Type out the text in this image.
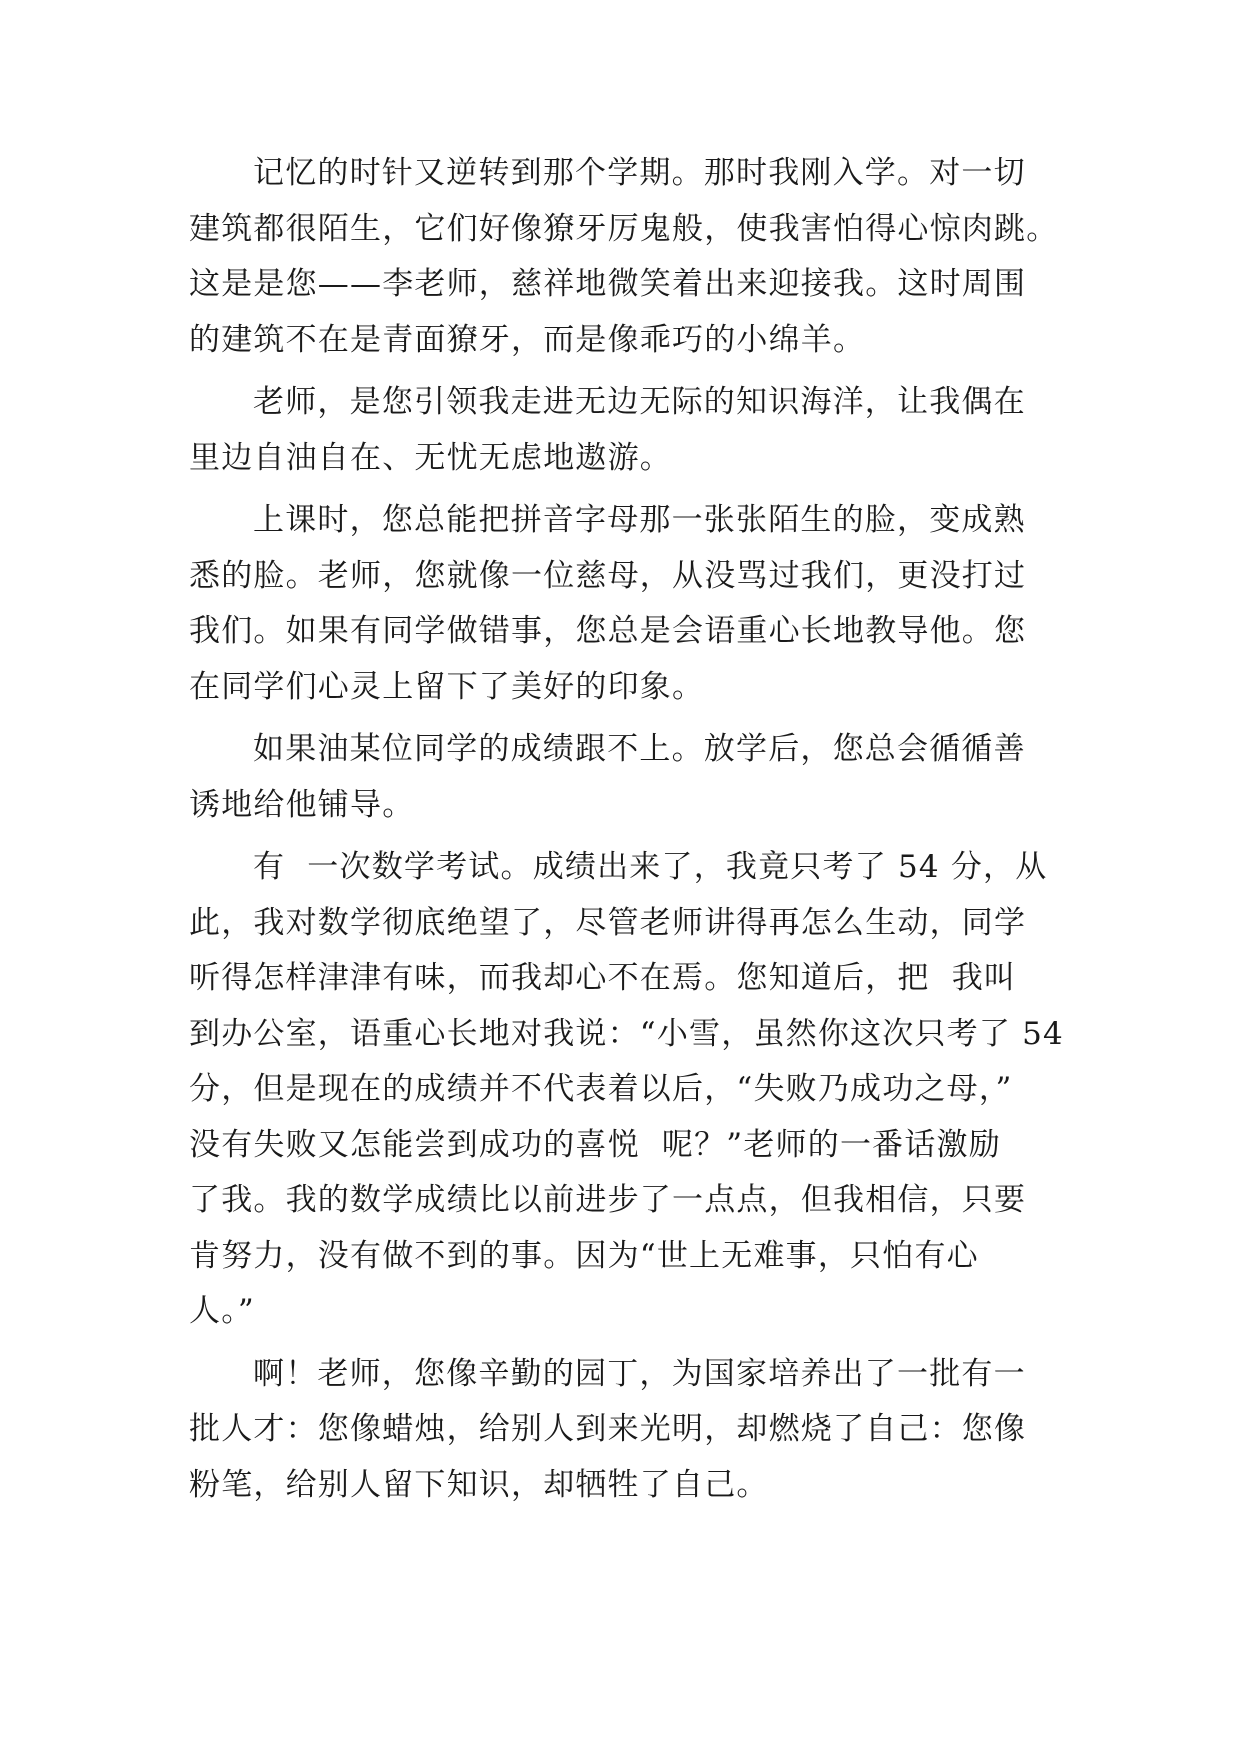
记忆的时针又逆转到那个学期。那时我刚入学。对一切
建筑都很陌生，它们好像獠牙厉鬼般，使我害怕得心惊肉跳。
这是是您——李老师，慈祥地微笑着出来迎接我。这时周围
的建筑不在是青面獠牙，而是像乖巧的小绵羊。
老师，是您引领我走进无边无际的知识海洋，让我偶在
里边自油自在、无忧无虑地遨游。
上课时，您总能把拼音字母那一张张陌生的脸，变成熟
悉的脸。老师，您就像一位慈母，从没骂过我们，更没打过
我们。如果有同学做错事，您总是会语重心长地教导他。您
在同学们心灵上留下了美好的印象。
如果油某位同学的成绩跟不上。放学后，您总会循循善
诱地给他铺导。
有  一次数学考试。成绩出来了，我竟只考了 54 分，从
此，我对数学彻底绝望了，尽管老师讲得再怎么生动，同学
听得怎样津津有味，而我却心不在焉。您知道后，把  我叫
到办公室，语重心长地对我说：“小雪，虽然你这次只考了 54
分，但是现在的成绩并不代表着以后，“失败乃成功之母，”
没有失败又怎能尝到成功的喜悦  呢？”老师的一番话激励
了我。我的数学成绩比以前进步了一点点，但我相信，只要
肯努力，没有做不到的事。因为“世上无难事，只怕有心
人。”
啊！老师，您像辛勤的园丁，为国家培养出了一批有一
批人才：您像蜡烛，给别人到来光明，却燃烧了自己：您像
粉笔，给别人留下知识，却牺牲了自己。
